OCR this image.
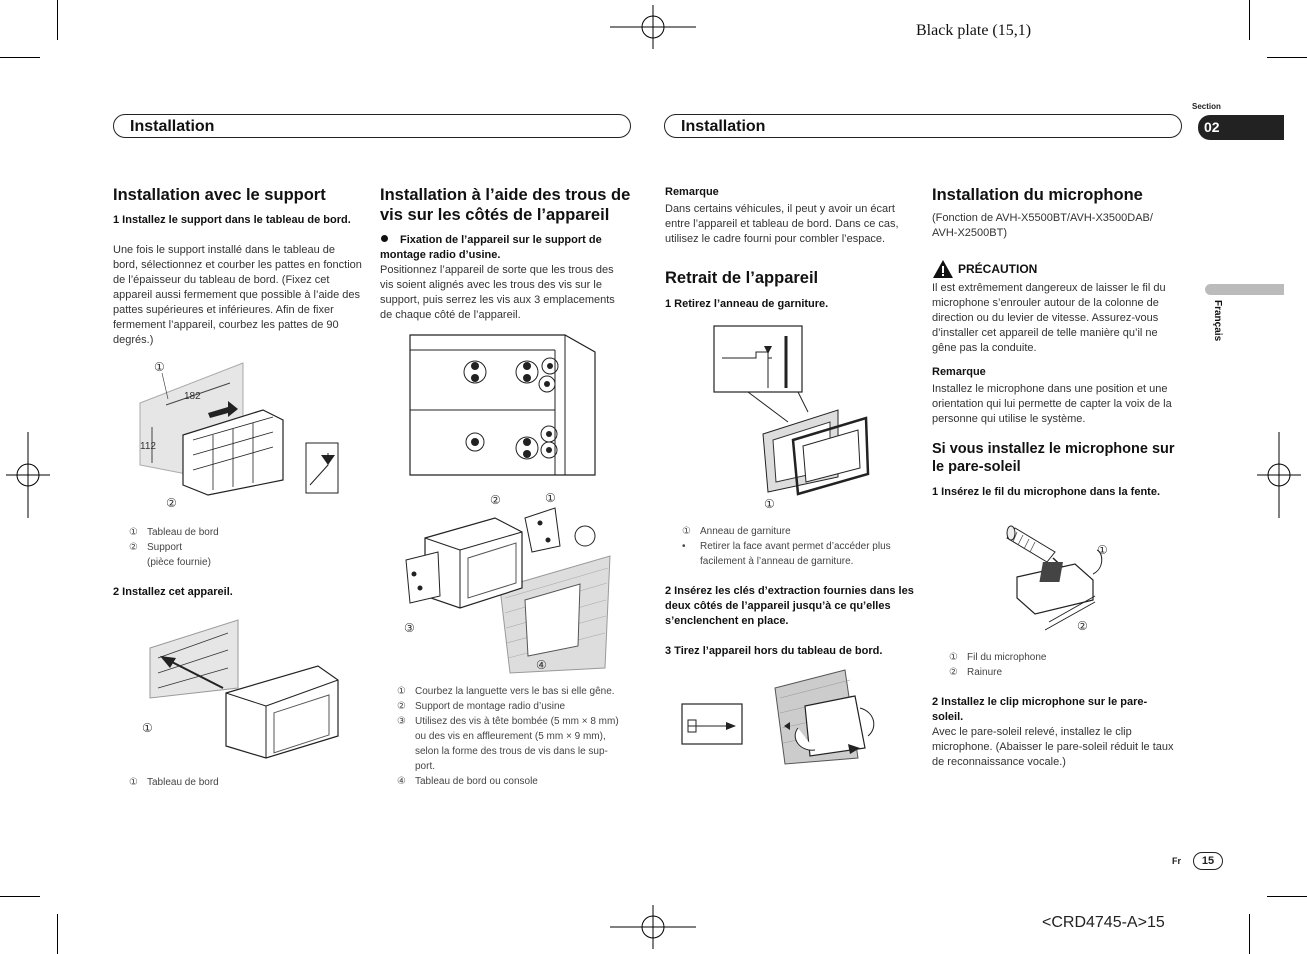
Black plate (15,1)
Installation	Installation
Section
02
Français
Installation avec le support

1 Installez le support dans le tableau de bord.

Une fois le support installé dans le tableau de bord, sélectionnez et courber les pattes en fonction de l’épaisseur du tableau de bord. (Fixez cet appareil aussi fermement que possible à l’aide des pattes supérieures et inférieures. Afin de fixer fermement l’appareil, courbez les pattes de 90 degrés.)

182
112
①
②
① Tableau de bord
② Support
(pièce fournie)

2 Installez cet appareil.

①
① Tableau de bord
Installation à l’aide des trous de vis sur les côtés de l’appareil

Fixation de l’appareil sur le support de montage radio d’usine.

Positionnez l’appareil de sorte que les trous des vis soient alignés avec les trous des vis sur le support, puis serrez les vis aux 3 emplacements de chaque côté de l’appareil.

②	①
③
④
① Courbez la languette vers le bas si elle gêne.
② Support de montage radio d’usine
③ Utilisez des vis à tête bombée (5 mm × 8 mm)
ou des vis en affleurement (5 mm × 9 mm),
selon la forme des trous de vis dans le sup-
port.
④ Tableau de bord ou console

Remarque

Dans certains véhicules, il peut y avoir un écart entre l’appareil et tableau de bord. Dans ce cas, utilisez le cadre fourni pour combler l’espace.

Retrait de l’appareil

1 Retirez l’anneau de garniture.

①
① Anneau de garniture
• Retirer la face avant permet d’accéder plus
facilement à l’anneau de garniture.

2 Insérez les clés d’extraction fournies dans les deux côtés de l’appareil jusqu’à ce qu’elles s’enclenchent en place.

3 Tirez l’appareil hors du tableau de bord.

Installation du microphone

(Fonction de AVH-X5500BT/AVH-X3500DAB/ AVH-X2500BT)

PRÉCAUTION

Il est extrêmement dangereux de laisser le fil du microphone s’enrouler autour de la colonne de direction ou du levier de vitesse. Assurez-vous d’installer cet appareil de telle manière qu’il ne gêne pas la conduite.

Remarque

Installez le microphone dans une position et une orientation qui lui permette de capter la voix de la personne qui utilise le système.

Si vous installez le microphone sur le pare-soleil

1 Insérez le fil du microphone dans la fente.

①
②
① Fil du microphone
② Rainure

2 Installez le clip microphone sur le pare-soleil.

Avec le pare-soleil relevé, installez le clip microphone. (Abaisser le pare-soleil réduit le taux de reconnaissance vocale.)

Fr	15
<CRD4745-A>15
